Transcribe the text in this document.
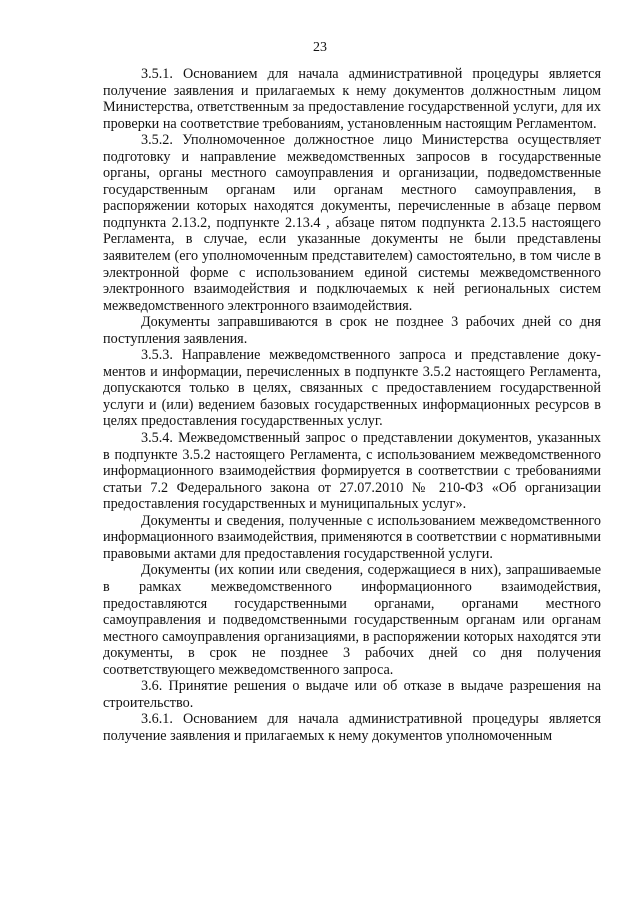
23

3.5.1. Основанием для начала административной процедуры является получение заявления и прилагаемых к нему документов должностным лицом Министерства, ответственным за предоставление государственной услуги, для их проверки на соответствие требованиям, установленным настоящим Регламентом.

3.5.2. Уполномоченное должностное лицо Министерства осуществляет подготовку и направление межведомственных запросов в государственные органы, органы местного самоуправления и организации, подведомственные государственным органам или органам местного самоуправления, в распоряжении которых находятся документы, перечисленные в абзаце первом подпункта 2.13.2, подпункте 2.13.4 , абзаце пятом подпункта 2.13.5 настоящего Регламента, в случае, если указанные документы не были представлены заявителем (его уполномоченным представителем) самостоятельно, в том числе в электронной форме с использованием единой системы межведомственного электронного взаимодействия и подключаемых к ней региональных систем межведомственного электронного взаимодействия.

Документы заправшиваются в срок не позднее 3 рабочих дней со дня поступления заявления.

3.5.3. Направление межведомственного запроса и представление доку-ментов и информации, перечисленных в подпункте 3.5.2 настоящего Регламента, допускаются только в целях, связанных с предоставлением государственной услуги и (или) ведением базовых государственных информационных ресурсов в целях предоставления государственных услуг.

3.5.4. Межведомственный запрос о представлении документов, указанных в подпункте 3.5.2 настоящего Регламента, с использованием межведомственного информационного взаимодействия формируется в соответствии с требованиями статьи 7.2 Федерального закона от 27.07.2010 № 210-ФЗ «Об организации предоставления государственных и муниципальных услуг».

Документы и сведения, полученные с использованием межведомственного информационного взаимодействия, применяются в соответствии с нормативными правовыми актами для предоставления государственной услуги.

Документы (их копии или сведения, содержащиеся в них), запрашиваемые в рамках межведомственного информационного взаимодействия, предоставляются государственными органами, органами местного самоуправления и подведомственными государственным органам или органам местного самоуправления организациями, в распоряжении которых находятся эти документы, в срок не позднее 3 рабочих дней со дня получения соответствующего межведомственного запроса.

3.6. Принятие решения о выдаче или об отказе в выдаче разрешения на строительство.

3.6.1. Основанием для начала административной процедуры является получение заявления и прилагаемых к нему документов уполномоченным
